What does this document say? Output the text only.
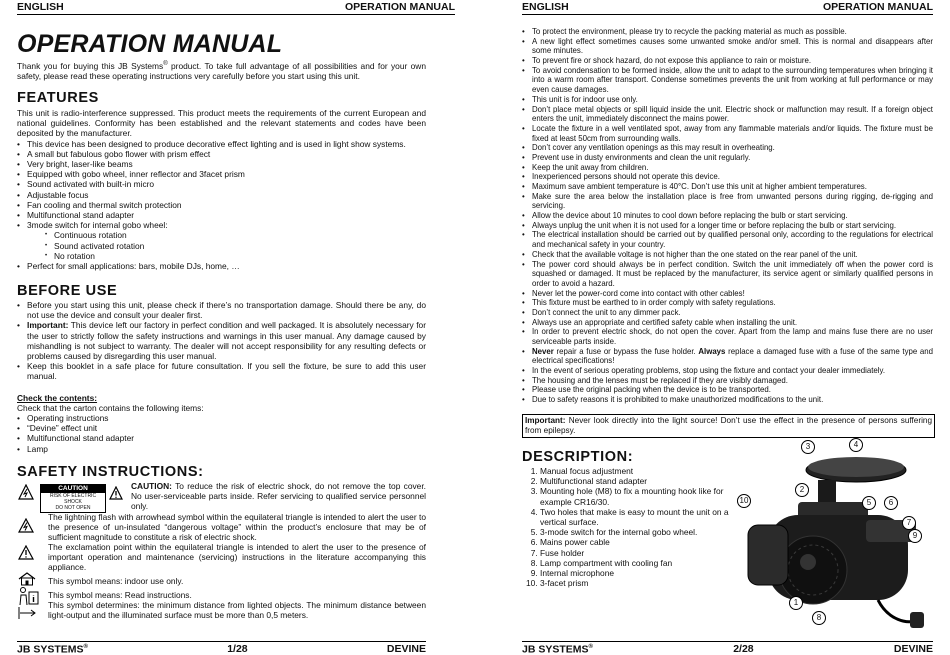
ENGLISH	OPERATION MANUAL
OPERATION MANUAL
Thank you for buying this JB Systems® product. To take full advantage of all possibilities and for your own safety, please read these operating instructions very carefully before you start using this unit.
FEATURES
This unit is radio-interference suppressed. This product meets the requirements of the current European and national guidelines. Conformity has been established and the relevant statements and codes have been deposited by the manufacturer.
• This device has been designed to produce decorative effect lighting and is used in light show systems.
• A small but fabulous gobo flower with prism effect
• Very bright, laser-like beams
• Equipped with gobo wheel, inner reflector and 3facet prism
• Sound activated with built-in micro
• Adjustable focus
• Fan cooling and thermal switch protection
• Multifunctional stand adapter
• 3mode switch for internal gobo wheel:
• Continuous rotation
• Sound activated rotation
• No rotation
• Perfect for small applications: bars, mobile DJs, home, …
BEFORE USE
• Before you start using this unit, please check if there’s no transportation damage. Should there be any, do not use the device and consult your dealer first.
• Important: This device left our factory in perfect condition and well packaged. It is absolutely necessary for the user to strictly follow the safety instructions and warnings in this user manual. Any damage caused by mishandling is not subject to warranty. The dealer will not accept responsibility for any resulting defects or problems caused by disregarding this user manual.
• Keep this booklet in a safe place for future consultation. If you sell the fixture, be sure to add this user manual.
Check the contents:
Check that the carton contains the following items:
• Operating instructions
• “Devine” effect unit
• Multifunctional stand adapter
• Lamp
SAFETY INSTRUCTIONS:
CAUTION
RISK OF ELECTRIC SHOCK
DO NOT OPEN
CAUTION: To reduce the risk of electric shock, do not remove the top cover. No user-serviceable parts inside. Refer servicing to qualified service personnel only.
The lightning flash with arrowhead symbol within the equilateral triangle is intended to alert the user to the presence of un-insulated “dangerous voltage” within the product’s enclosure that may be of sufficient magnitude to constitute a risk of electric shock.
The exclamation point within the equilateral triangle is intended to alert the user to the presence of important operation and maintenance (servicing) instructions in the literature accompanying this appliance.
This symbol means: indoor use only.
This symbol means: Read instructions.
This symbol determines: the minimum distance from lighted objects. The minimum distance between light-output and the illuminated surface must be more than 0,5 meters.
JB SYSTEMS®	1/28	DEVINE
ENGLISH	OPERATION MANUAL
• To protect the environment, please try to recycle the packing material as much as possible.
• A new light effect sometimes causes some unwanted smoke and/or smell. This is normal and disappears after some minutes.
• To prevent fire or shock hazard, do not expose this appliance to rain or moisture.
• To avoid condensation to be formed inside, allow the unit to adapt to the surrounding temperatures when bringing it into a warm room after transport. Condense sometimes prevents the unit from working at full performance or may even cause damages.
• This unit is for indoor use only.
• Don’t place metal objects or spill liquid inside the unit. Electric shock or malfunction may result. If a foreign object enters the unit, immediately disconnect the mains power.
• Locate the fixture in a well ventilated spot, away from any flammable materials and/or liquids. The fixture must be fixed at least 50cm from surrounding walls.
• Don’t cover any ventilation openings as this may result in overheating.
• Prevent use in dusty environments and clean the unit regularly.
• Keep the unit away from children.
• Inexperienced persons should not operate this device.
• Maximum save ambient temperature is 40°C. Don’t use this unit at higher ambient temperatures.
• Make sure the area below the installation place is free from unwanted persons during rigging, de-rigging and servicing.
• Allow the device about 10 minutes to cool down before replacing the bulb or start servicing.
• Always unplug the unit when it is not used for a longer time or before replacing the bulb or start servicing.
• The electrical installation should be carried out by qualified personal only, according to the regulations for electrical and mechanical safety in your country.
• Check that the available voltage is not higher than the one stated on the rear panel of the unit.
• The power cord should always be in perfect condition. Switch the unit immediately off when the power cord is squashed or damaged. It must be replaced by the manufacturer, its service agent or similarly qualified persons in order to avoid a hazard.
• Never let the power-cord come into contact with other cables!
• This fixture must be earthed to in order comply with safety regulations.
• Don’t connect the unit to any dimmer pack.
• Always use an appropriate and certified safety cable when installing the unit.
• In order to prevent electric shock, do not open the cover. Apart from the lamp and mains fuse there are no user serviceable parts inside.
• Never repair a fuse or bypass the fuse holder. Always replace a damaged fuse with a fuse of the same type and electrical specifications!
• In the event of serious operating problems, stop using the fixture and contact your dealer immediately.
• The housing and the lenses must be replaced if they are visibly damaged.
• Please use the original packing when the device is to be transported.
• Due to safety reasons it is prohibited to make unauthorized modifications to the unit.
Important: Never look directly into the light source! Don’t use the effect in the presence of persons suffering from epilepsy.
DESCRIPTION:
1. Manual focus adjustment
2. Multifunctional stand adapter
3. Mounting hole (M8) to fix a mounting hook like for example CR16/30.
4. Two holes that make is easy to mount the unit on a vertical surface.
5. 3-mode switch for the internal gobo wheel.
6. Mains power cable
7. Fuse holder
8. Lamp compartment with cooling fan
9. Internal microphone
10. 3-facet prism
3	4
2
10	5	6
7
9
1
8
JB SYSTEMS®	2/28	DEVINE
